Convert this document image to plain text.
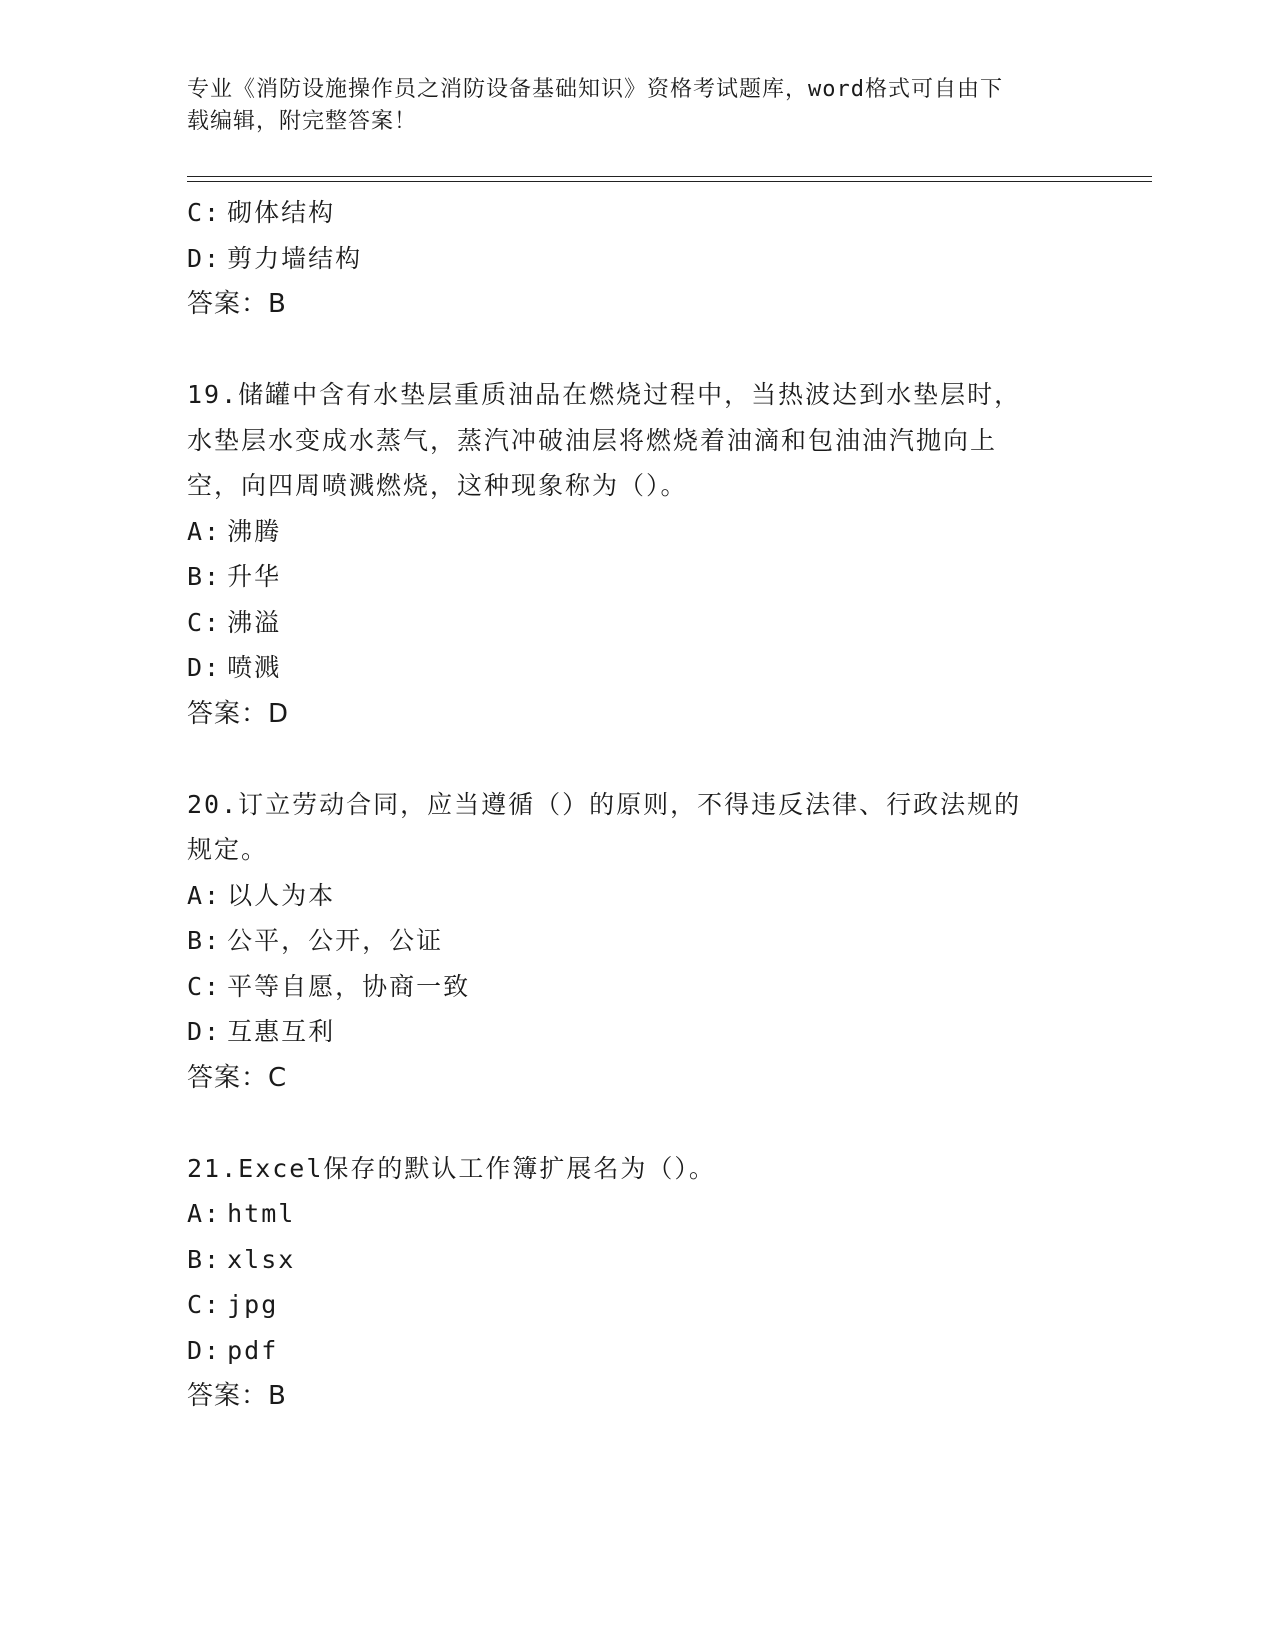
专业《消防设施操作员之消防设备基础知识》资格考试题库，word格式可自由下
载编辑，附完整答案！
C: 砌体结构
D: 剪力墙结构
答案：B
19.储罐中含有水垫层重质油品在燃烧过程中，当热波达到水垫层时，
水垫层水变成水蒸气，蒸汽冲破油层将燃烧着油滴和包油油汽抛向上
空，向四周喷溅燃烧，这种现象称为（）。
A: 沸腾
B: 升华
C: 沸溢
D: 喷溅
答案：D
20.订立劳动合同，应当遵循（）的原则，不得违反法律、行政法规的
规定。
A: 以人为本
B: 公平，公开，公证
C: 平等自愿，协商一致
D: 互惠互利
答案：C
21.Excel保存的默认工作簿扩展名为（）。
A: html
B: xlsx
C: jpg
D: pdf
答案：B
